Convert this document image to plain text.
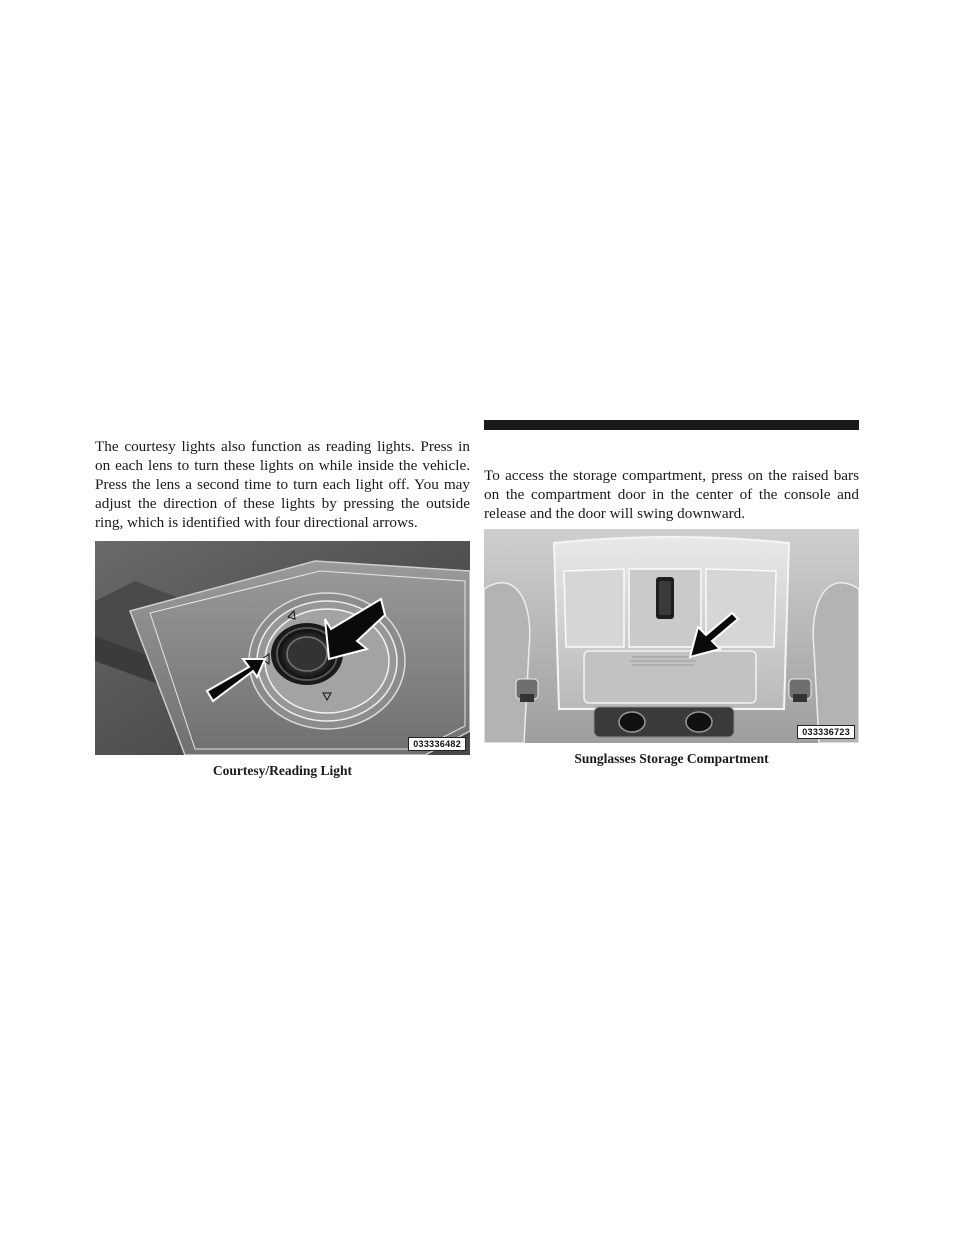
The courtesy lights also function as reading lights. Press in on each lens to turn these lights on while inside the vehicle. Press the lens a second time to turn each light off. You may adjust the direction of these lights by pressing the outside ring, which is identified with four directional arrows.

033336482
Courtesy/Reading Light

To access the storage compartment, press on the raised bars on the compartment door in the center of the console and release and the door will swing downward.

033336723
Sunglasses Storage Compartment
